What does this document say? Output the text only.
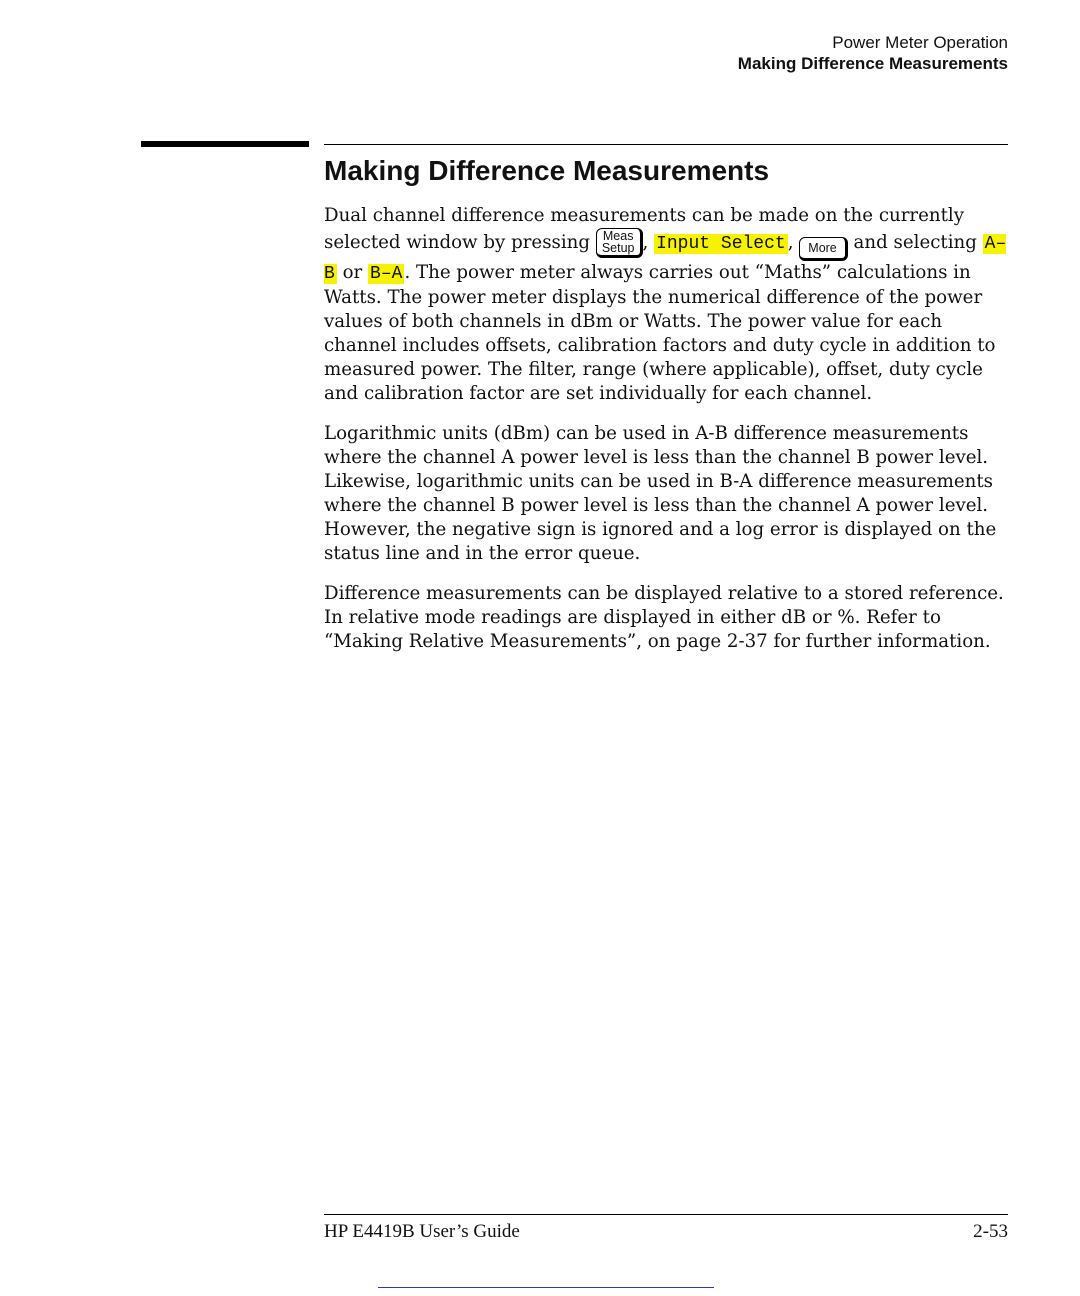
Power Meter Operation
Making Difference Measurements
Making Difference Measurements

Dual channel difference measurements can be made on the currently selected window by pressing Meas
Setup , Input Select , More and selecting A–B or B–A . The power meter always carries out “Maths” calculations in Watts. The power meter displays the numerical difference of the power values of both channels in dBm or Watts. The power value for each channel includes offsets, calibration factors and duty cycle in addition to measured power. The filter, range (where applicable), offset, duty cycle and calibration factor are set individually for each channel.

Logarithmic units (dBm) can be used in A-B difference measurements where the channel A power level is less than the channel B power level. Likewise, logarithmic units can be used in B-A difference measurements where the channel B power level is less than the channel A power level. However, the negative sign is ignored and a log error is displayed on the status line and in the error queue.

Difference measurements can be displayed relative to a stored reference. In relative mode readings are displayed in either dB or %. Refer to “Making Relative Measurements”, on page 2-37 for further information.

HP E4419B User’s Guide	2-53
